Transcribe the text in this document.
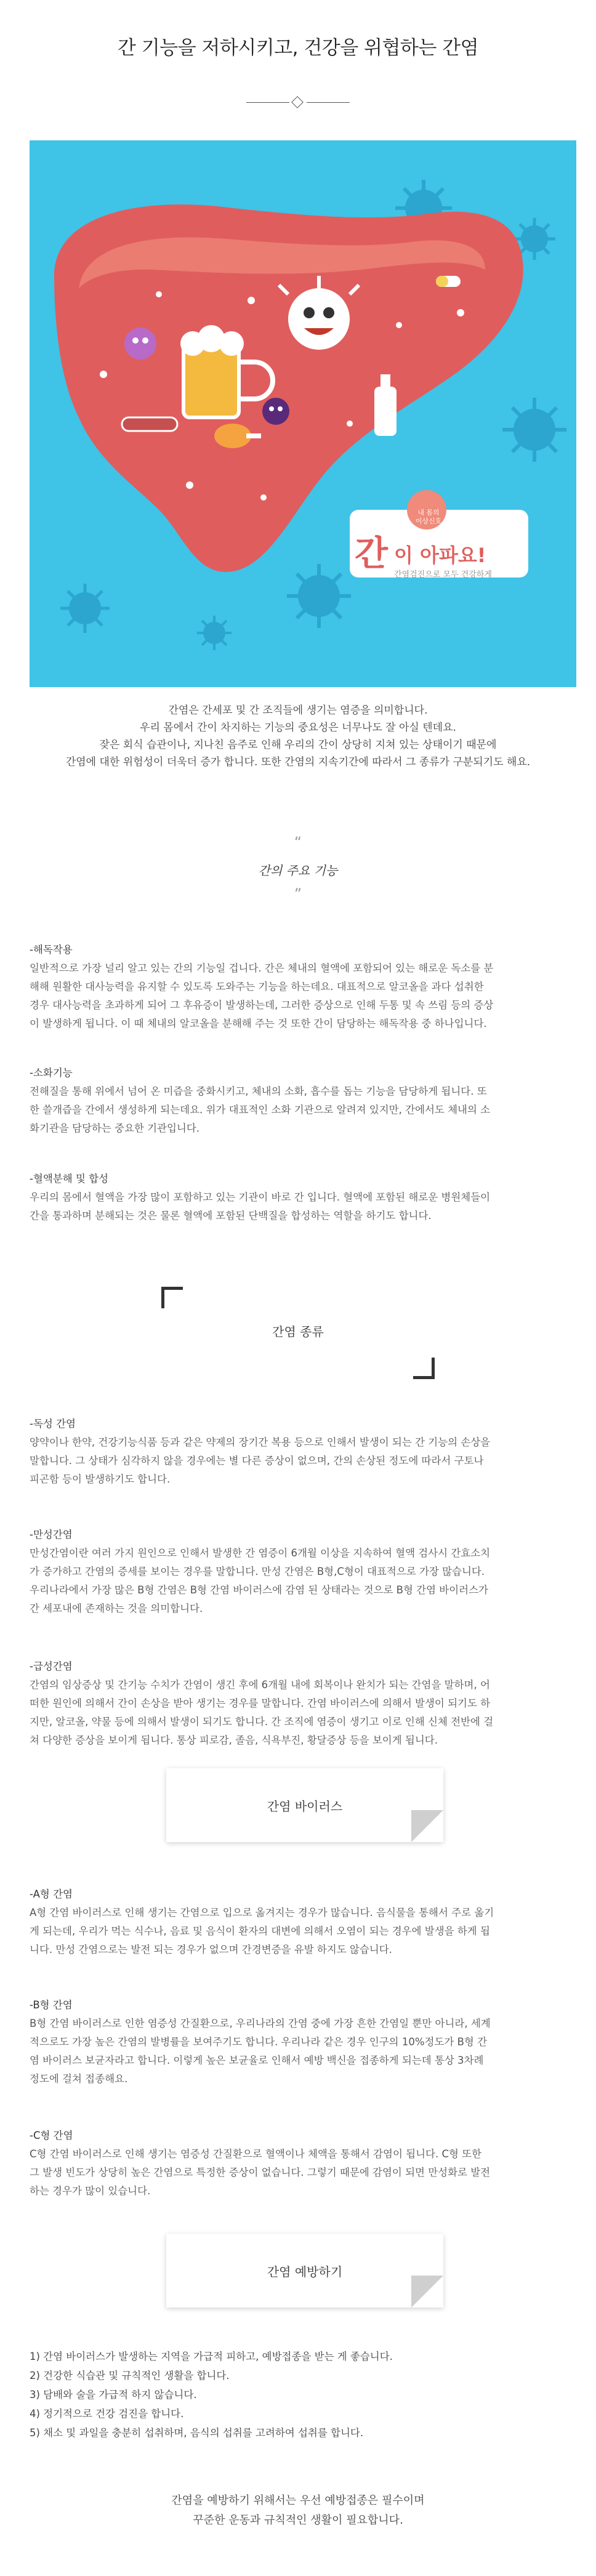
간 기능을 저하시키고, 건강을 위협하는 간염
내 몸의
이상신호
간 이 아파요!
간염검진으로 모두 건강하게
간염은 간세포 및 간 조직들에 생기는 염증을 의미합니다.
우리 몸에서 간이 차지하는 기능의 중요성은 너무나도 잘 아실 텐데요.
잦은 회식 습관이나, 지나친 음주로 인해 우리의 간이 상당히 지쳐 있는 상태이기 때문에
간염에 대한 위험성이 더욱더 증가 합니다. 또한 간염의 지속기간에 따라서 그 종류가 구분되기도 해요.
“
간의 주요 기능
”
-해독작용
일반적으로 가장 널리 알고 있는 간의 기능일 겁니다. 간은 체내의 혈액에 포함되어 있는 해로운 독소를 분
해해 원활한 대사능력을 유지할 수 있도록 도와주는 기능을 하는데요. 대표적으로 알코올을 과다 섭취한
경우 대사능력을 초과하게 되어 그 후유증이 발생하는데, 그러한 증상으로 인해 두통 및 속 쓰림 등의 증상
이 발생하게 됩니다. 이 때 체내의 알코올을 분해해 주는 것 또한 간이 담당하는 해독작용 중 하나입니다.
-소화기능
전해질을 통해 위에서 넘어 온 미즙을 중화시키고, 체내의 소화, 흡수를 돕는 기능을 담당하게 됩니다. 또
한 쓸개즙을 간에서 생성하게 되는데요. 위가 대표적인 소화 기관으로 알려져 있지만, 간에서도 체내의 소
화기관을 담당하는 중요한 기관입니다.
-혈액분해 및 합성
우리의 몸에서 혈액을 가장 많이 포함하고 있는 기관이 바로 간 입니다. 혈액에 포함된 해로운 병원체들이
간을 통과하며 분해되는 것은 물론 혈액에 포함된 단백질을 합성하는 역할을 하기도 합니다.
간염 종류
-독성 간염
양약이나 한약, 건강기능식품 등과 같은 약제의 장기간 복용 등으로 인해서 발생이 되는 간 기능의 손상을
말합니다. 그 상태가 심각하지 않을 경우에는 별 다른 증상이 없으며, 간의 손상된 정도에 따라서 구토나
피곤함 등이 발생하기도 합니다.
-만성간염
만성간염이란 여러 가지 원인으로 인해서 발생한 간 염증이 6개월 이상을 지속하여 혈액 검사시 간효소치
가 증가하고 간염의 증세를 보이는 경우를 말합니다. 만성 간염은 B형,C형이 대표적으로 가장 많습니다.
우리나라에서 가장 많은 B형 간염은 B형 간염 바이러스에 감염 된 상태라는 것으로 B형 간염 바이러스가
간 세포내에 존재하는 것을 의미합니다.
-급성간염
간염의 임상증상 및 간기능 수치가 간염이 생긴 후에 6개월 내에 회복이나 완치가 되는 간염을 말하며, 어
떠한 원인에 의해서 간이 손상을 받아 생기는 경우를 말합니다. 간염 바이러스에 의해서 발생이 되기도 하
지만, 알코올, 약물 등에 의해서 발생이 되기도 합니다. 간 조직에 염증이 생기고 이로 인해 신체 전반에 걸
쳐 다양한 증상을 보이게 됩니다. 통상 피로감, 졸음, 식욕부진, 황달증상 등을 보이게 됩니다.
간염 바이러스
-A형 간염
A형 간염 바이러스로 인해 생기는 간염으로 입으로 옮겨지는 경우가 많습니다. 음식물을 통해서 주로 옮기
게 되는데, 우리가 먹는 식수나, 음료 및 음식이 환자의 대변에 의해서 오염이 되는 경우에 발생을 하게 됩
니다. 만성 간염으로는 발전 되는 경우가 없으며 간경변증을 유발 하지도 않습니다.
-B형 간염
B형 간염 바이러스로 인한 염증성 간질환으로, 우리나라의 간염 중에 가장 흔한 간염일 뿐만 아니라, 세계
적으로도 가장 높은 간염의 발병률을 보여주기도 합니다. 우리나라 같은 경우 인구의 10%정도가 B형 간
염 바이러스 보균자라고 합니다. 이렇게 높은 보균율로 인해서 예방 백신을 접종하게 되는데 통상 3차례
정도에 걸쳐 접종해요.
-C형 간염
C형 간염 바이러스로 인해 생기는 염증성 간질환으로 혈액이나 체액을 통해서 감염이 됩니다. C형 또한
그 발생 빈도가 상당히 높은 간염으로 특정한 증상이 없습니다. 그렇기 때문에 감염이 되면 만성화로 발전
하는 경우가 많이 있습니다.
간염 예방하기
1) 간염 바이러스가 발생하는 지역을 가급적 피하고, 예방접종을 받는 게 좋습니다.
2) 건강한 식습관 및 규칙적인 생활을 합니다.
3) 담배와 술을 가급적 하지 않습니다.
4) 정기적으로 건강 검진을 합니다.
5) 채소 및 과일을 충분히 섭취하며, 음식의 섭취를 고려하여 섭취를 합니다.
간염을 예방하기 위해서는 우선 예방접종은 필수이며
꾸준한 운동과 규칙적인 생활이 필요합니다.
